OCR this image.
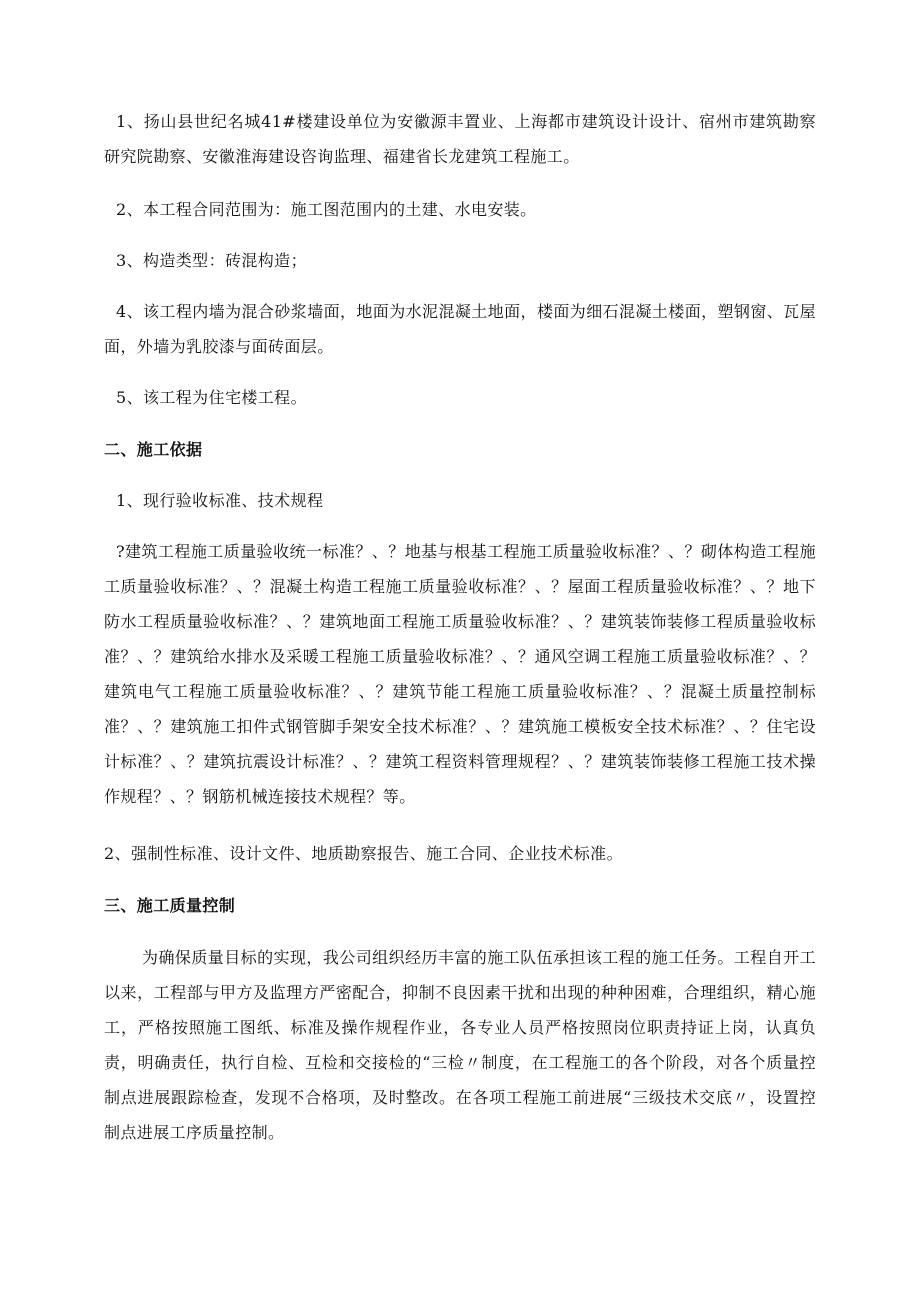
1、扬山县世纪名城41#楼建设单位为安徽源丰置业、上海都市建筑设计设计、宿州市建筑勘察研究院勘察、安徽淮海建设咨询监理、福建省长龙建筑工程施工。

2、本工程合同范围为：施工图范围内的土建、水电安装。

3、构造类型：砖混构造；

4、该工程内墙为混合砂浆墙面，地面为水泥混凝土地面，楼面为细石混凝土楼面，塑钢窗、瓦屋面，外墙为乳胶漆与面砖面层。

5、该工程为住宅楼工程。

二、施工依据

1、现行验收标准、技术规程

?建筑工程施工质量验收统一标准？、？地基与根基工程施工质量验收标准？、？砌体构造工程施工质量验收标准？、？混凝土构造工程施工质量验收标准？、？屋面工程质量验收标准？、？地下防水工程质量验收标准？、？建筑地面工程施工质量验收标准？、？建筑装饰装修工程质量验收标准？、？建筑给水排水及采暖工程施工质量验收标准？、？通风空调工程施工质量验收标准？、？建筑电气工程施工质量验收标准？、？建筑节能工程施工质量验收标准？、？混凝土质量控制标准？、？建筑施工扣件式钢管脚手架安全技术标准？、？建筑施工模板安全技术标准？、？住宅设计标准？、？建筑抗震设计标准？、？建筑工程资料管理规程？、？建筑装饰装修工程施工技术操作规程？、？钢筋机械连接技术规程？等。

2、强制性标准、设计文件、地质勘察报告、施工合同、企业技术标准。

三、施工质量控制

为确保质量目标的实现，我公司组织经历丰富的施工队伍承担该工程的施工任务。工程自开工以来，工程部与甲方及监理方严密配合，抑制不良因素干扰和出现的种种困难，合理组织，精心施工，严格按照施工图纸、标准及操作规程作业，各专业人员严格按照岗位职责持证上岗，认真负责，明确责任，执行自检、互检和交接检的“三检〃制度，在工程施工的各个阶段，对各个质量控制点进展跟踪检查，发现不合格项，及时整改。在各项工程施工前进展“三级技术交底〃，设置控制点进展工序质量控制。
